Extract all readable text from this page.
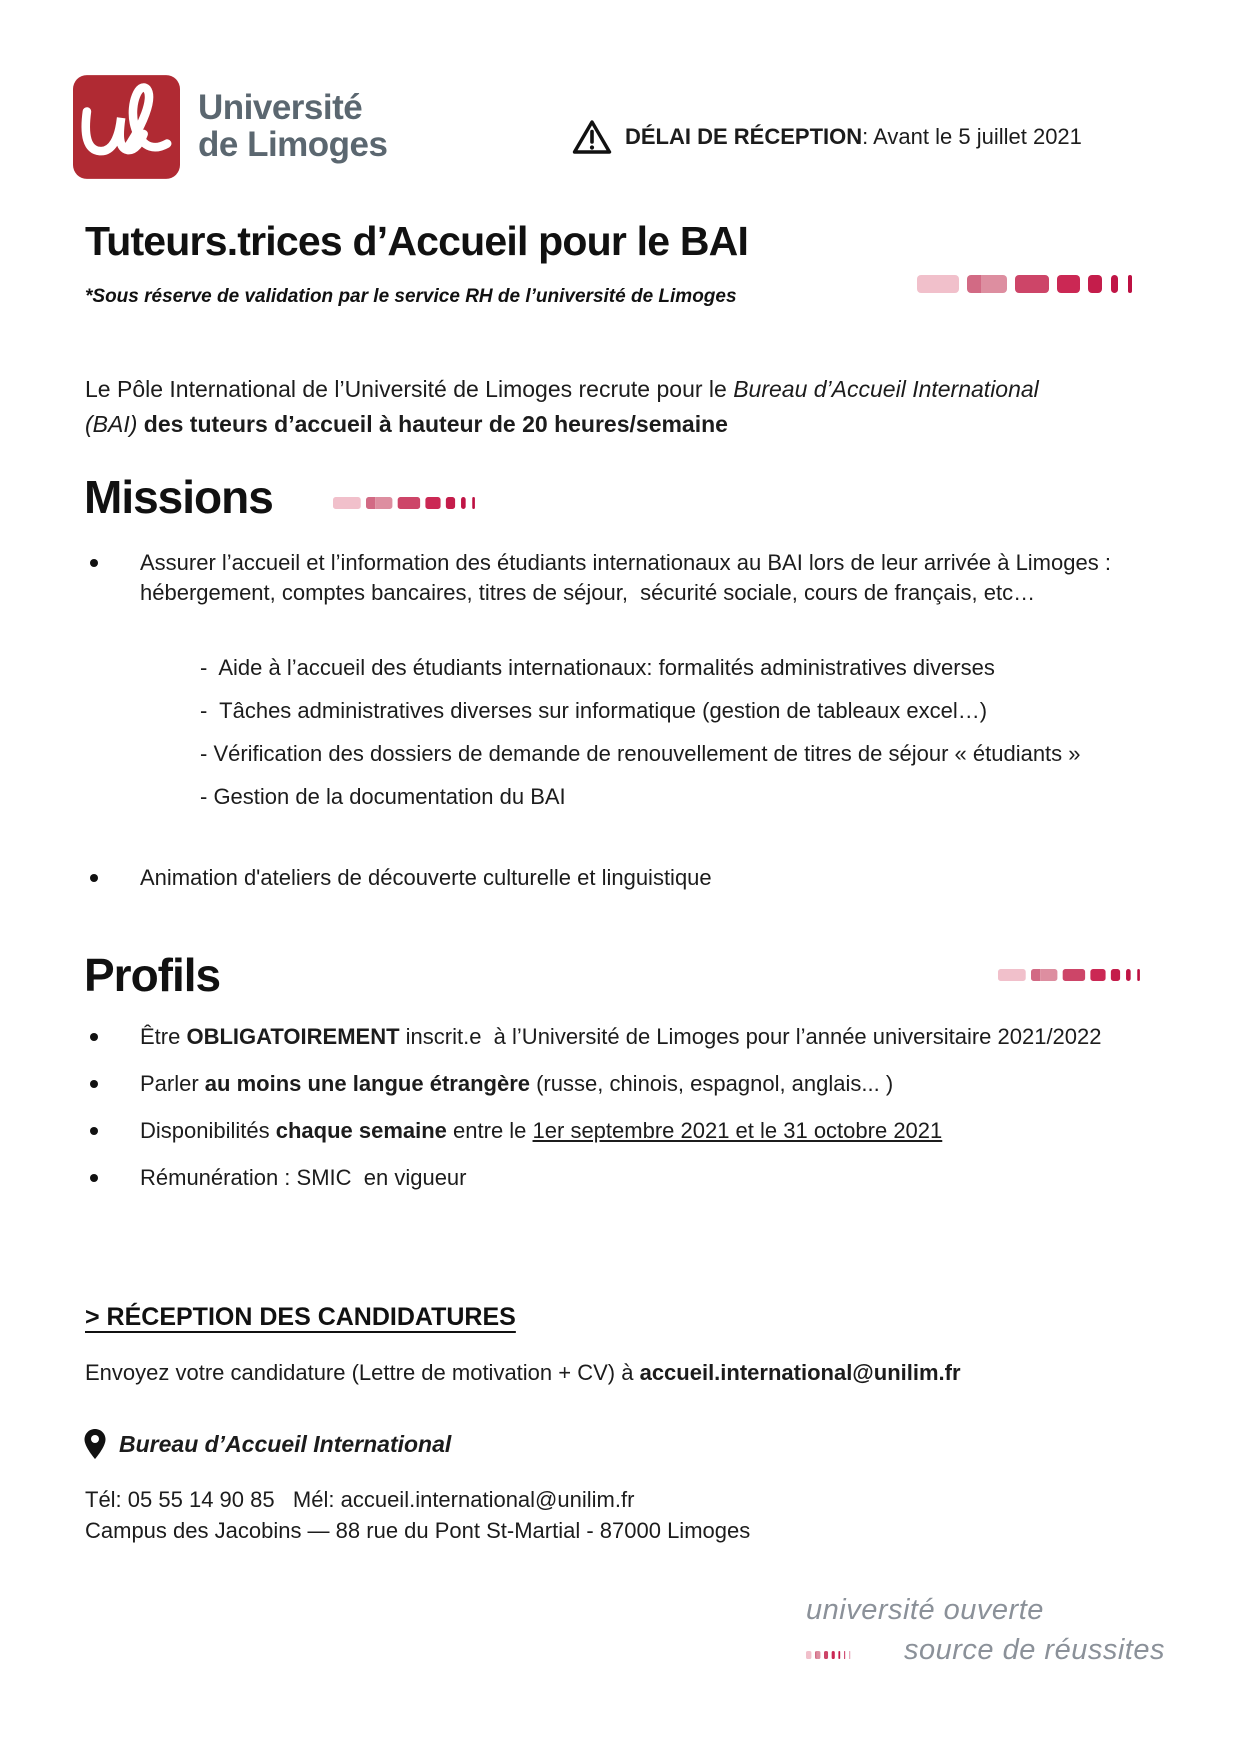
Université
de Limoges	DÉLAI DE RÉCEPTION : Avant le 5 juillet 2021
Tuteurs.trices d’Accueil pour le BAI
*Sous réserve de validation par le service RH de l’université de Limoges
Le Pôle International de l’Université de Limoges recrute pour le Bureau d’Accueil International (BAI) des tuteurs d’accueil à hauteur de 20 heures/semaine
Missions
Assurer l’accueil et l’information des étudiants internationaux au BAI lors de leur arrivée à Limoges : hébergement, comptes bancaires, titres de séjour,  sécurité sociale, cours de français, etc…
-  Aide à l’accueil des étudiants internationaux: formalités administratives diverses
-  Tâches administratives diverses sur informatique (gestion de tableaux excel…)
- Vérification des dossiers de demande de renouvellement de titres de séjour « étudiants »
- Gestion de la documentation du BAI
Animation d'ateliers de découverte culturelle et linguistique
Profils
Être OBLIGATOIREMENT inscrit.e  à l’Université de Limoges pour l’année universitaire 2021/2022
Parler au moins une langue étrangère (russe, chinois, espagnol, anglais... )
Disponibilités chaque semaine entre le 1er septembre 2021 et le 31 octobre 2021
Rémunération : SMIC  en vigueur
> RÉCEPTION DES CANDIDATURES
Envoyez votre candidature (Lettre de motivation + CV) à accueil.international@unilim.fr
Bureau d’Accueil International
Tél: 05 55 14 90 85   Mél: accueil.international@unilim.fr
Campus des Jacobins — 88 rue du Pont St-Martial - 87000 Limoges
université ouverte
source de réussites
